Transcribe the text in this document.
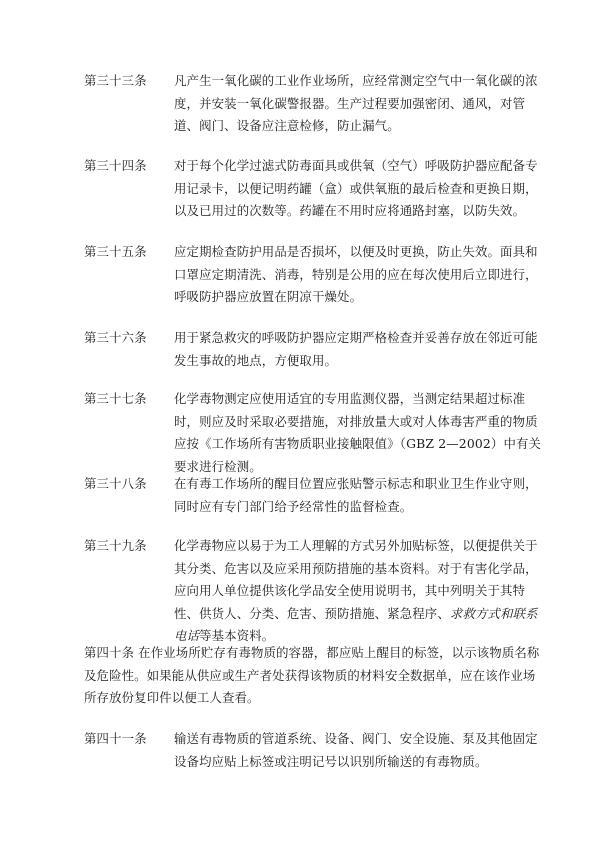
第三十三条 凡产生一氧化碳的工业作业场所，应经常测定空气中一氧化碳的浓度，并安装一氧化碳警报器。生产过程要加强密闭、通风，对管道、阀门、设备应注意检修，防止漏气。
第三十四条 对于每个化学过滤式防毒面具或供氧（空气）呼吸防护器应配备专用记录卡，以便记明药罐（盒）或供氧瓶的最后检查和更换日期，以及已用过的次数等。药罐在不用时应将通路封塞，以防失效。
第三十五条 应定期检查防护用品是否损坏，以便及时更换，防止失效。面具和口罩应定期清洗、消毒，特别是公用的应在每次使用后立即进行，呼吸防护器应放置在阴凉干燥处。
第三十六条 用于紧急救灾的呼吸防护器应定期严格检查并妥善存放在邻近可能发生事故的地点，方便取用。
第三十七条 化学毒物测定应使用适宜的专用监测仪器，当测定结果超过标准时，则应及时采取必要措施，对排放量大或对人体毒害严重的物质应按《工作场所有害物质职业接触限值》（GBZ 2—2002）中有关要求进行检测。
第三十八条 在有毒工作场所的醒目位置应张贴警示标志和职业卫生作业守则，同时应有专门部门给予经常性的监督检查。
第三十九条 化学毒物应以易于为工人理解的方式另外加贴标签，以便提供关于其分类、危害以及应采用预防措施的基本资料。对于有害化学品，应向用人单位提供该化学品安全使用说明书，其中列明关于其特性、供货人、分类、危害、预防措施、紧急程序、求救方式和联系电话等基本资料。
第四十条 在作业场所贮存有毒物质的容器，都应贴上醒目的标签，以示该物质名称及危险性。如果能从供应或生产者处获得该物质的材料安全数据单，应在该作业场所存放份复印件以便工人查看。
第四十一条 输送有毒物质的管道系统、设备、阀门、安全设施、泵及其他固定设备均应贴上标签或注明记号以识别所输送的有毒物质。
